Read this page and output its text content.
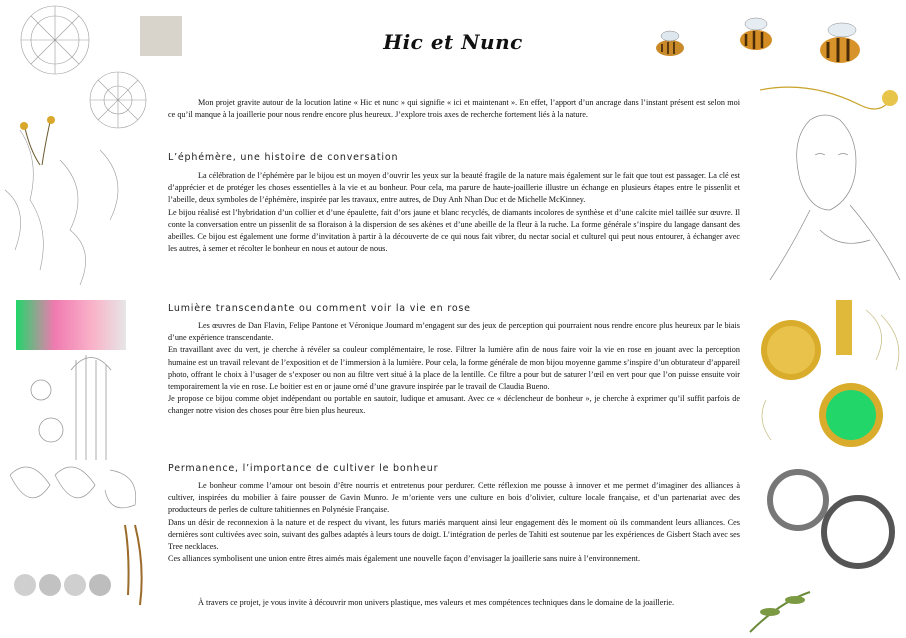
Hic et Nunc

Mon projet gravite autour de la locution latine « Hic et nunc » qui signifie « ici et maintenant ». En effet, l’apport d’un ancrage dans l’instant présent est selon moi ce qu’il manque à la joaillerie pour nous rendre encore plus heureux. J’explore trois axes de recherche fortement liés à la nature.

L’éphémère, une histoire de conversation

La célébration de l’éphémère par le bijou est un moyen d’ouvrir les yeux sur la beauté fragile de la nature mais également sur le fait que tout est passager. La clé est d’apprécier et de protéger les choses essentielles à la vie et au bonheur. Pour cela, ma parure de haute-joaillerie illustre un échange en plusieurs étapes entre le pissenlit et l’abeille, deux symboles de l’éphémère, inspirée par les travaux, entre autres, de Duy Anh Nhan Duc et de Michelle McKinney.

Le bijou réalisé est l’hybridation d’un collier et d’une épaulette, fait d’ors jaune et blanc recyclés, de diamants incolores de synthèse et d’une calcite miel taillée sur œuvre. Il conte la conversation entre un pissenlit de sa floraison à la dispersion de ses akènes et d’une abeille de la fleur à la ruche. La forme générale s’inspire du langage dansant des abeilles. Ce bijou est également une forme d’invitation à partir à la découverte de ce qui nous fait vibrer, du nectar social et culturel qui peut nous entourer, à échanger avec les autres, à semer et récolter le bonheur en nous et autour de nous.

Lumière transcendante ou comment voir la vie en rose

Les œuvres de Dan Flavin, Felipe Pantone et Véronique Joumard m’engagent sur des jeux de perception qui pourraient nous rendre encore plus heureux par le biais d’une expérience transcendante.

En travaillant avec du vert, je cherche à révéler sa couleur complémentaire, le rose. Filtrer la lumière afin de nous faire voir la vie en rose en jouant avec la perception humaine est un travail relevant de l’exposition et de l’immersion à la lumière. Pour cela, la forme générale de mon bijou moyenne gamme s’inspire d’un obturateur d’appareil photo, offrant le choix à l’usager de s’exposer ou non au filtre vert situé à la place de la lentille. Ce filtre a pour but de saturer l’œil en vert pour que l’on puisse ensuite voir temporairement la vie en rose. Le boitier est en or jaune orné d’une gravure inspirée par le travail de Claudia Bueno.

Je propose ce bijou comme objet indépendant ou portable en sautoir, ludique et amusant. Avec ce « déclencheur de bonheur », je cherche à exprimer qu’il suffit parfois de changer notre vision des choses pour être bien plus heureux.

Permanence, l’importance de cultiver le bonheur

Le bonheur comme l’amour ont besoin d’être nourris et entretenus pour perdurer. Cette réflexion me pousse à innover et me permet d’imaginer des alliances à cultiver, inspirées du mobilier à faire pousser de Gavin Munro. Je m’oriente vers une culture en bois d’olivier, culture locale française, et d’un partenariat avec des producteurs de perles de culture tahitiennes en Polynésie Française.

Dans un désir de reconnexion à la nature et de respect du vivant, les futurs mariés marquent ainsi leur engagement dès le moment où ils commandent leurs alliances. Ces dernières sont cultivées avec soin, suivant des galbes adaptés à leurs tours de doigt. L’intégration de perles de Tahiti est soutenue par les expériences de Gisbert Stach avec ses Tree necklaces.

Ces alliances symbolisent une union entre êtres aimés mais également une nouvelle façon d’envisager la joaillerie sans nuire à l’environnement.

À travers ce projet, je vous invite à découvrir mon univers plastique, mes valeurs et mes compétences techniques dans le domaine de la joaillerie.
